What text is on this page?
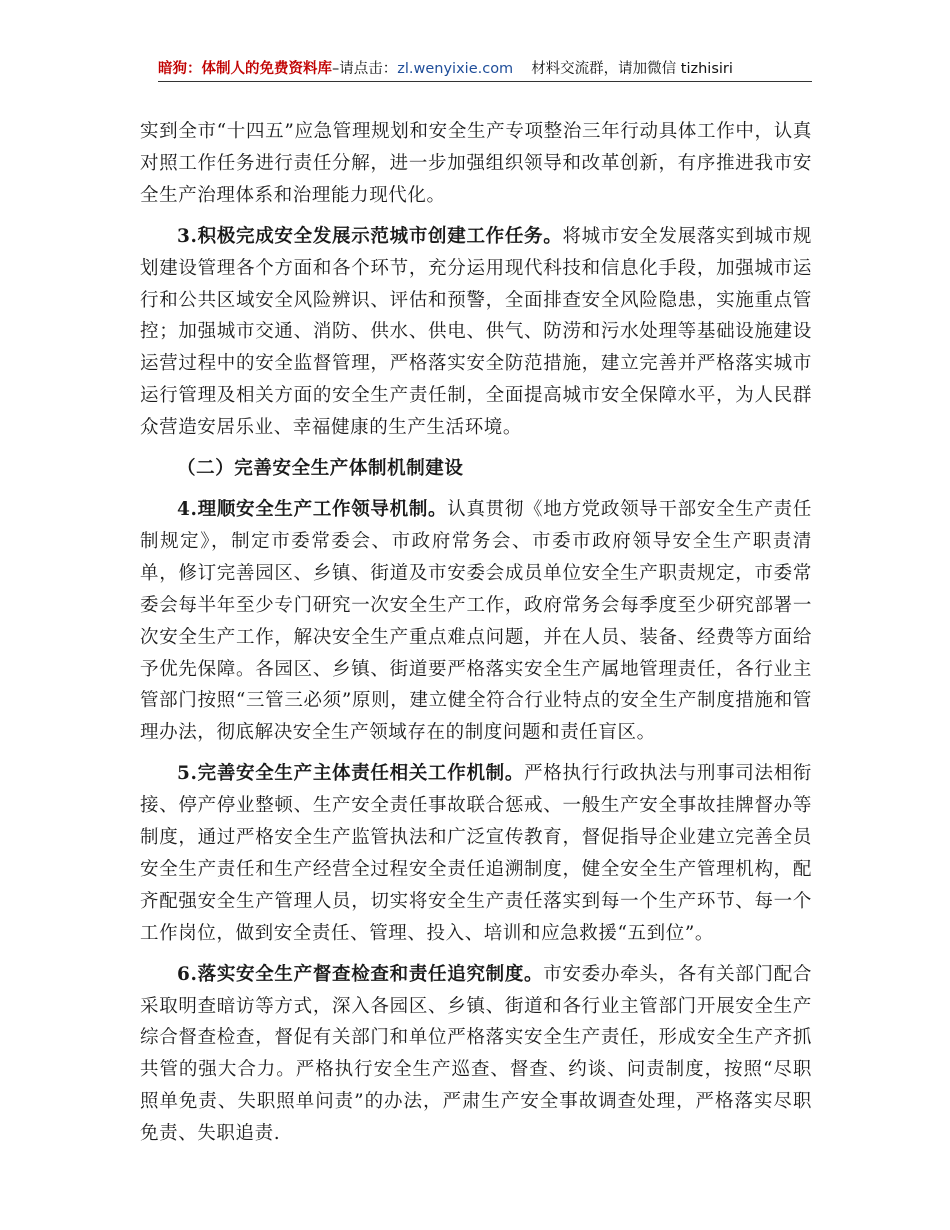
暗狗：体制人的免费资料库–请点击：zl.wenyixie.com 材料交流群，请加微信 tizhisiri

实到全市“十四五”应急管理规划和安全生产专项整治三年行动具体工作中，认真对照工作任务进行责任分解，进一步加强组织领导和改革创新，有序推进我市安全生产治理体系和治理能力现代化。

3.积极完成安全发展示范城市创建工作任务。将城市安全发展落实到城市规划建设管理各个方面和各个环节，充分运用现代科技和信息化手段，加强城市运行和公共区域安全风险辨识、评估和预警，全面排查安全风险隐患，实施重点管控；加强城市交通、消防、供水、供电、供气、防涝和污水处理等基础设施建设运营过程中的安全监督管理，严格落实安全防范措施，建立完善并严格落实城市运行管理及相关方面的安全生产责任制，全面提高城市安全保障水平，为人民群众营造安居乐业、幸福健康的生产生活环境。

（二）完善安全生产体制机制建设

4.理顺安全生产工作领导机制。认真贯彻《地方党政领导干部安全生产责任制规定》，制定市委常委会、市政府常务会、市委市政府领导安全生产职责清单，修订完善园区、乡镇、街道及市安委会成员单位安全生产职责规定，市委常委会每半年至少专门研究一次安全生产工作，政府常务会每季度至少研究部署一次安全生产工作，解决安全生产重点难点问题，并在人员、装备、经费等方面给予优先保障。各园区、乡镇、街道要严格落实安全生产属地管理责任，各行业主管部门按照“三管三必须”原则，建立健全符合行业特点的安全生产制度措施和管理办法，彻底解决安全生产领域存在的制度问题和责任盲区。

5.完善安全生产主体责任相关工作机制。严格执行行政执法与刑事司法相衔接、停产停业整顿、生产安全责任事故联合惩戒、一般生产安全事故挂牌督办等制度，通过严格安全生产监管执法和广泛宣传教育，督促指导企业建立完善全员安全生产责任和生产经营全过程安全责任追溯制度，健全安全生产管理机构，配齐配强安全生产管理人员，切实将安全生产责任落实到每一个生产环节、每一个工作岗位，做到安全责任、管理、投入、培训和应急救援“五到位”。

6.落实安全生产督查检查和责任追究制度。市安委办牵头，各有关部门配合采取明查暗访等方式，深入各园区、乡镇、街道和各行业主管部门开展安全生产综合督查检查，督促有关部门和单位严格落实安全生产责任，形成安全生产齐抓共管的强大合力。严格执行安全生产巡查、督查、约谈、问责制度，按照“尽职照单免责、失职照单问责”的办法，严肃生产安全事故调查处理，严格落实尽职免责、失职追责.
